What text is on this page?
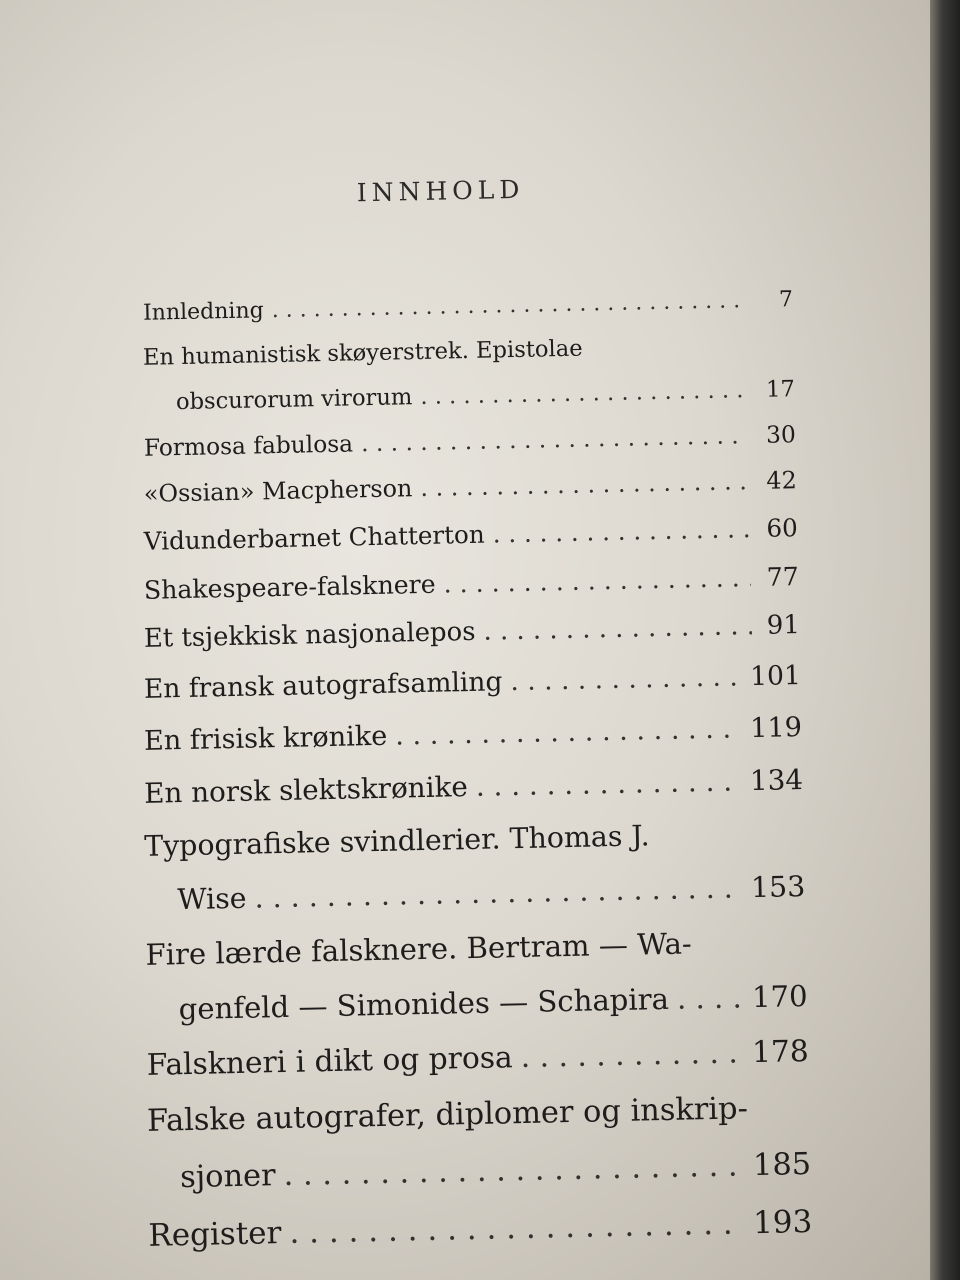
INNHOLD
Innledning . . .	7
En humanistisk skøyerstrek. Epistolae
obscurorum virorum . . .	17
Formosa fabulosa . . .	30
«Ossian» Macpherson . . .	42
Vidunderbarnet Chatterton . . .	60
Shakespeare-falsknere . . .	77
Et tsjekkisk nasjonalepos . . .	91
En fransk autografsamling . . .	101
En frisisk krønike . . .	119
En norsk slektskrønike . . .	134
Typografiske svindlerier. Thomas J.
Wise . . .	153
Fire lærde falsknere. Bertram — Wa-
genfeld — Simonides — Schapira . . .	170
Falskneri i dikt og prosa . . .	178
Falske autografer, diplomer og inskrip-
sjoner . . .	185
Register . . .	193
